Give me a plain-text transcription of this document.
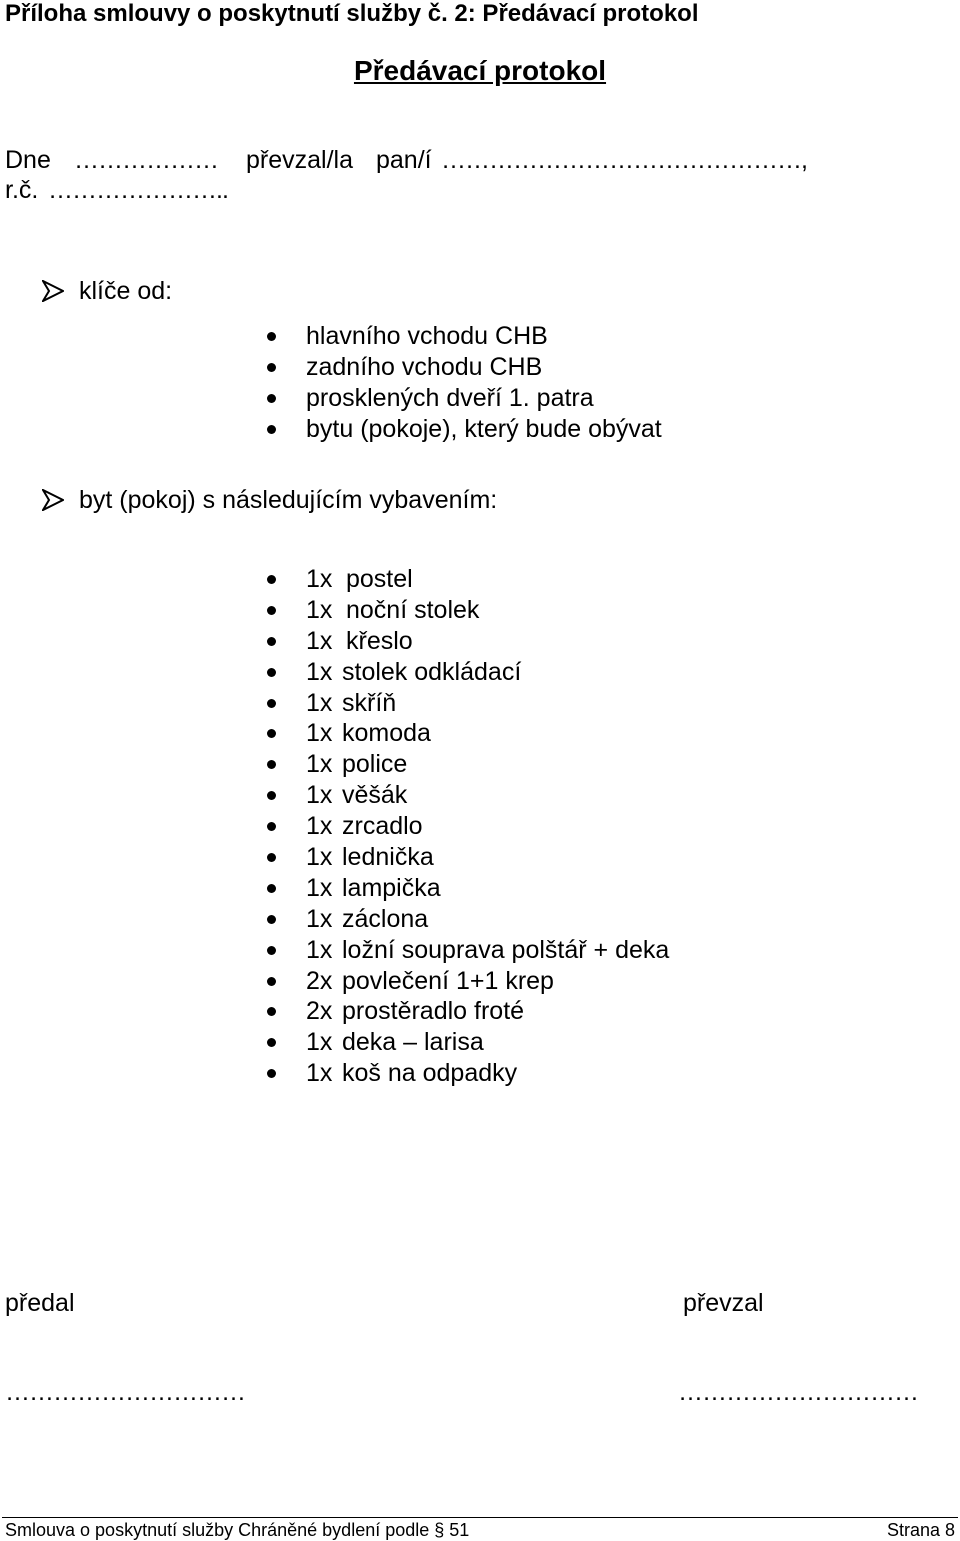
Příloha smlouvy o poskytnutí služby č. 2: Předávací protokol
Předávací protokol
Dne ……………… převzal/la pan/í ………………………………………,
r.č. …………………..
klíče od:
hlavního vchodu CHB
zadního vchodu CHB
prosklených dveří 1. patra
bytu (pokoje), který bude obývat
byt (pokoj) s následujícím vybavením:
1x postel
1x noční stolek
1x křeslo
1x stolek odkládací
1x skříň
1x komoda
1x police
1x věšák
1x zrcadlo
1x lednička
1x lampička
1x záclona
1x ložní souprava polštář + deka
2x povlečení 1+1 krep
2x prostěradlo froté
1x deka – larisa
1x koš na odpadky
předal	převzal
…………………………	…………………………
Smlouva o poskytnutí služby Chráněné bydlení podle § 51	Strana 8
